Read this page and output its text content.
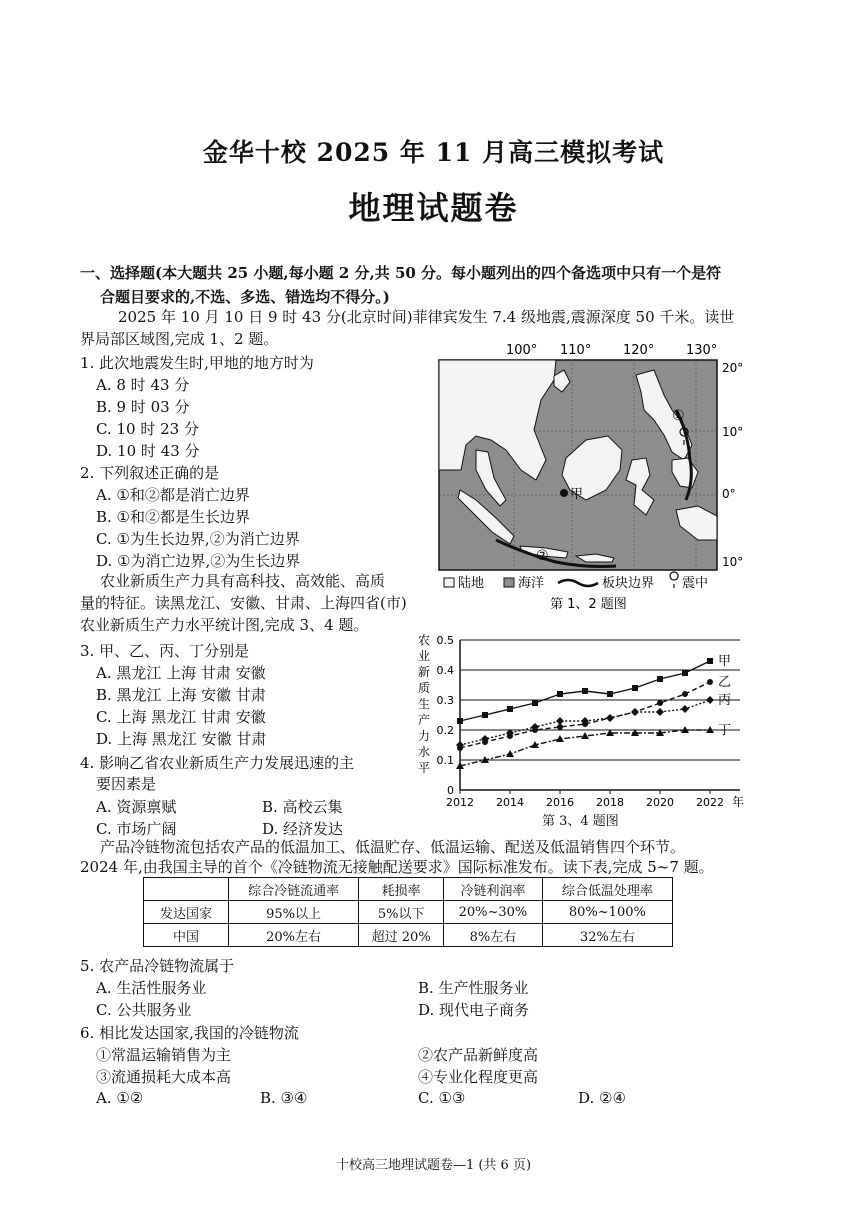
金华十校 2025 年 11 月高三模拟考试
地理试题卷
一、选择题(本大题共 25 小题,每小题 2 分,共 50 分。每小题列出的四个备选项中只有一个是符
合题目要求的,不选、多选、错选均不得分。)
2025 年 10 月 10 日 9 时 43 分(北京时间)菲律宾发生 7.4 级地震,震源深度 50 千米。读世
界局部区域图,完成 1、2 题。
1. 此次地震发生时,甲地的地方时为
A. 8 时 43 分
B. 9 时 03 分
C. 10 时 23 分
D. 10 时 43 分
2. 下列叙述正确的是
A. ①和②都是消亡边界
B. ①和②都是生长边界
C. ①为生长边界,②为消亡边界
D. ①为消亡边界,②为生长边界
农业新质生产力具有高科技、高效能、高质
量的特征。读黑龙江、安徽、甘肃、上海四省(市)
农业新质生产力水平统计图,完成 3、4 题。
3. 甲、乙、丙、丁分别是
A. 黑龙江 上海 甘肃 安徽
B. 黑龙江 上海 安徽 甘肃
C. 上海 黑龙江 甘肃 安徽
D. 上海 黑龙江 安徽 甘肃
4. 影响乙省农业新质生产力发展迅速的主
要因素是
A. 资源禀赋	B. 高校云集
C. 市场广阔	D. 经济发达
产品冷链物流包括农产品的低温加工、低温贮存、低温运输、配送及低温销售四个环节。
2024 年,由我国主导的首个《冷链物流无接触配送要求》国际标准发布。读下表,完成 5~7 题。
	综合冷链流通率	耗损率	冷链利润率	综合低温处理率
发达国家	95%以上	5%以下	20%~30%	80%~100%
中国	20%左右	超过 20%	8%左右	32%左右
5. 农产品冷链物流属于
A. 生活性服务业	B. 生产性服务业
C. 公共服务业	D. 现代电子商务
6. 相比发达国家,我国的冷链物流
①常温运输销售为主	②农产品新鲜度高
③流通损耗大成本高	④专业化程度更高
A. ①②	B. ③④	C. ①③	D. ②④
100° 110° 120° 130°
20°
10°
0°
10°
甲
①
②
陆地	海洋	板块边界 震中
第 1、2 题图
农
业
新
质
生
产
力
水
平
0
0.1
0.2
0.3
0.4
0.5
2012 2014 2016 2018 2020 2022 年
甲
乙
丙
丁
第 3、4 题图
十校高三地理试题卷—1 (共 6 页)
